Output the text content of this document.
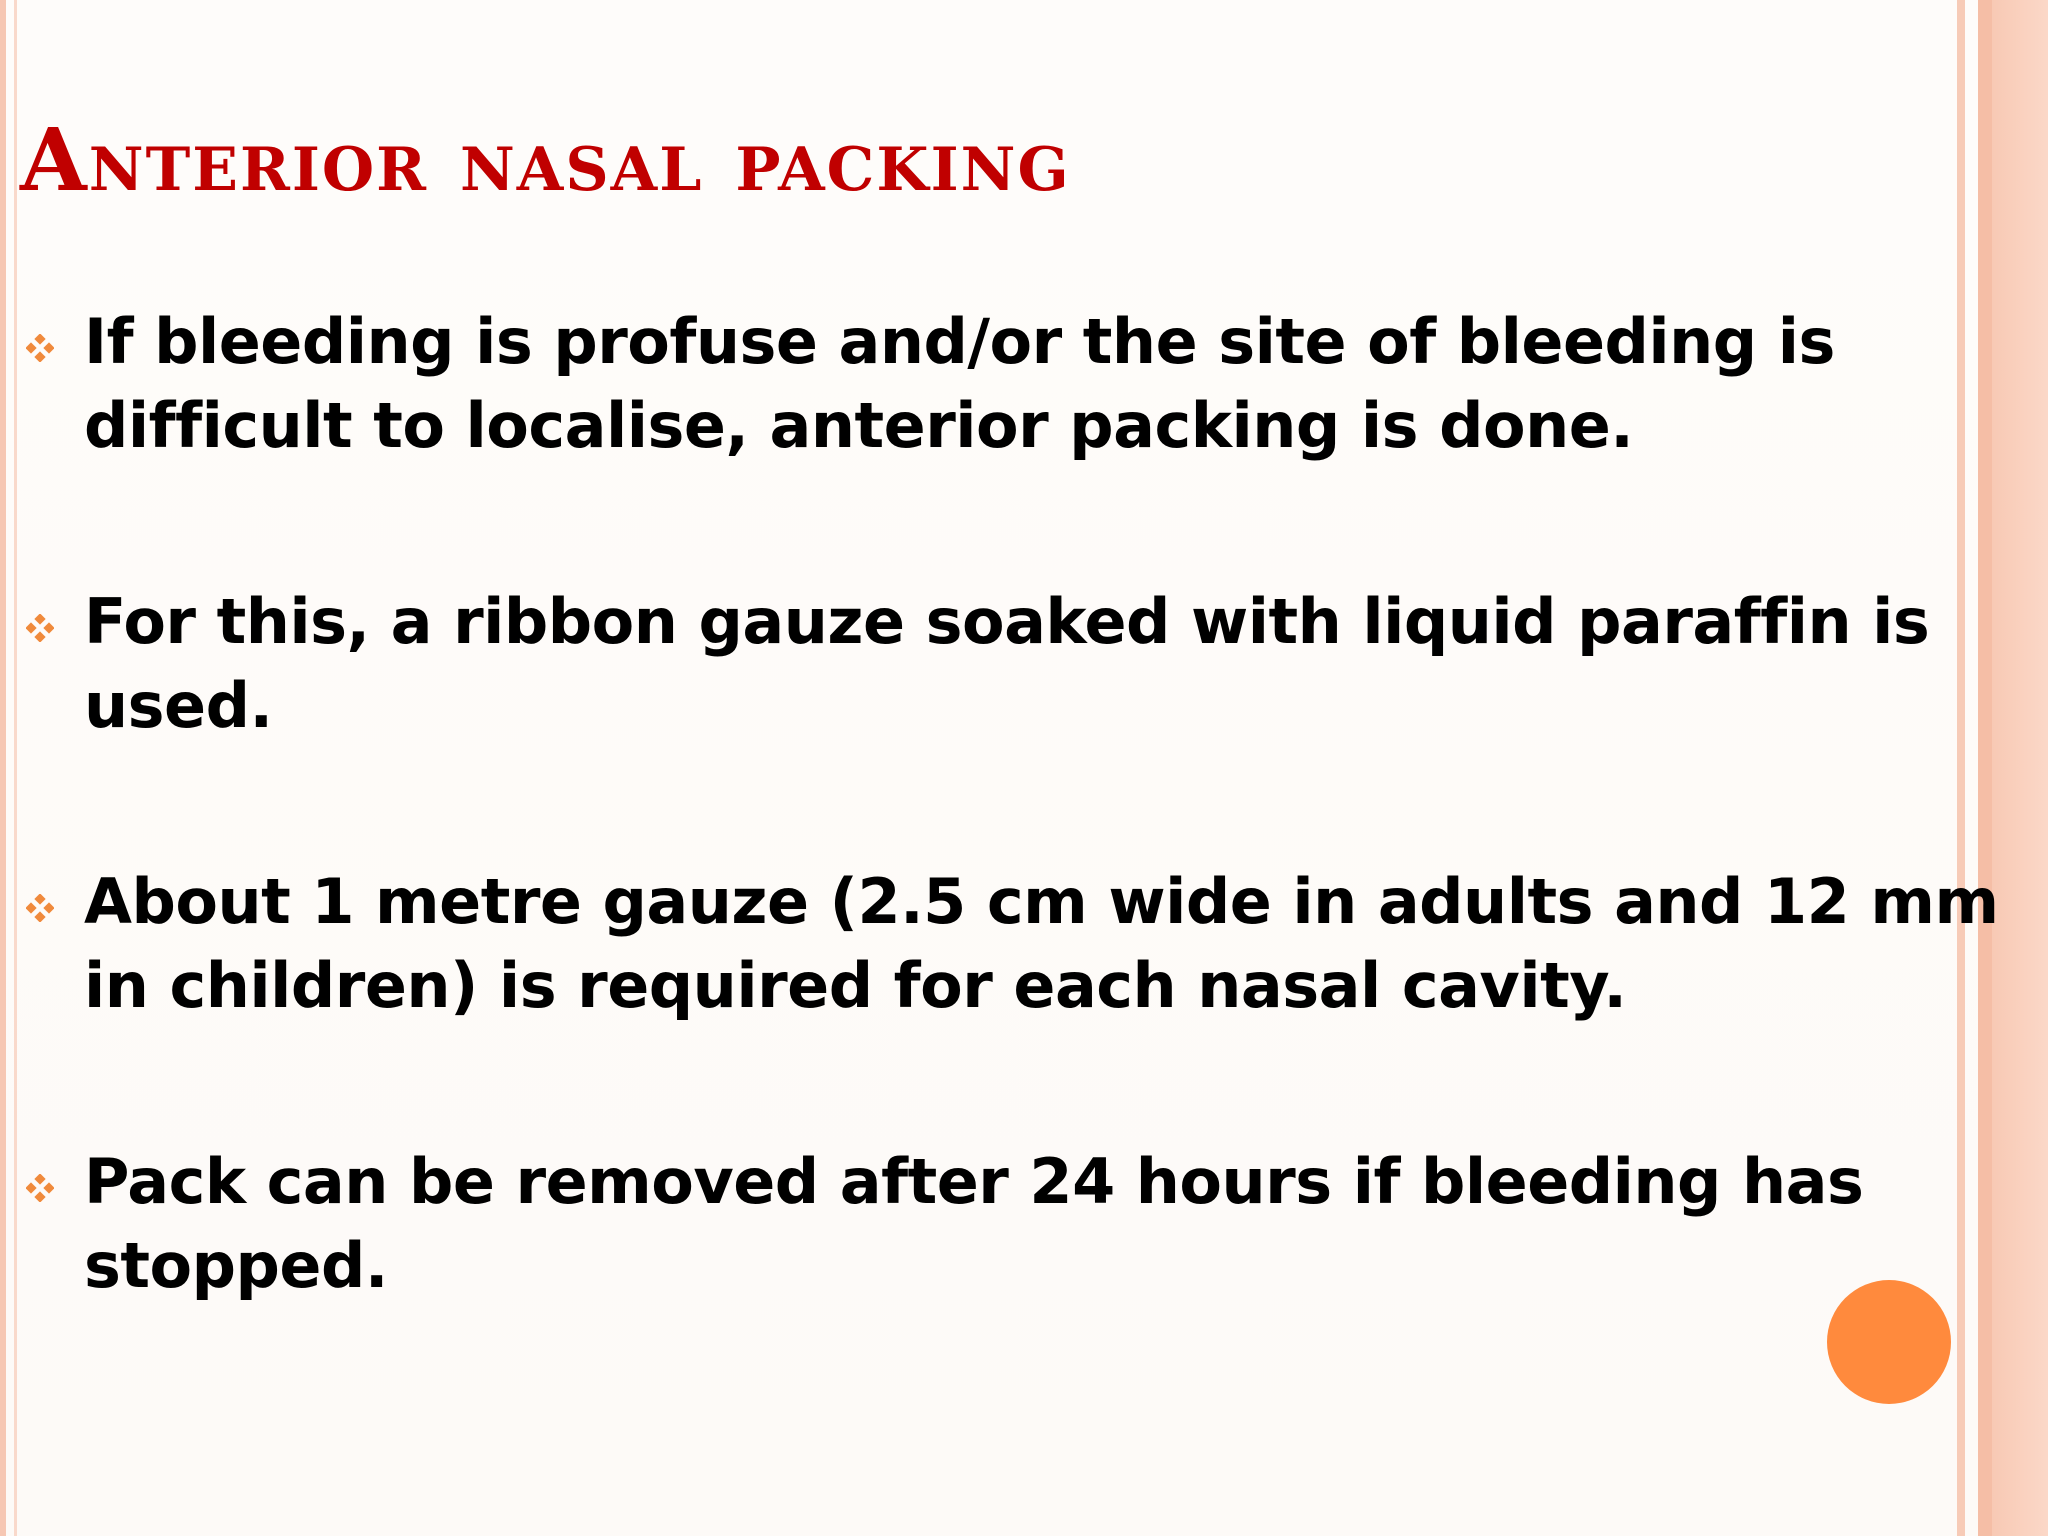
Anterior nasal packing
If bleeding is profuse and/or the site of bleeding is difficult to localise, anterior packing is done.
For this, a ribbon gauze soaked with liquid paraffin is used.
About 1 metre gauze (2.5 cm wide in adults and 12 mm in children) is required for each nasal cavity.
Pack can be removed after 24 hours if bleeding has stopped.
